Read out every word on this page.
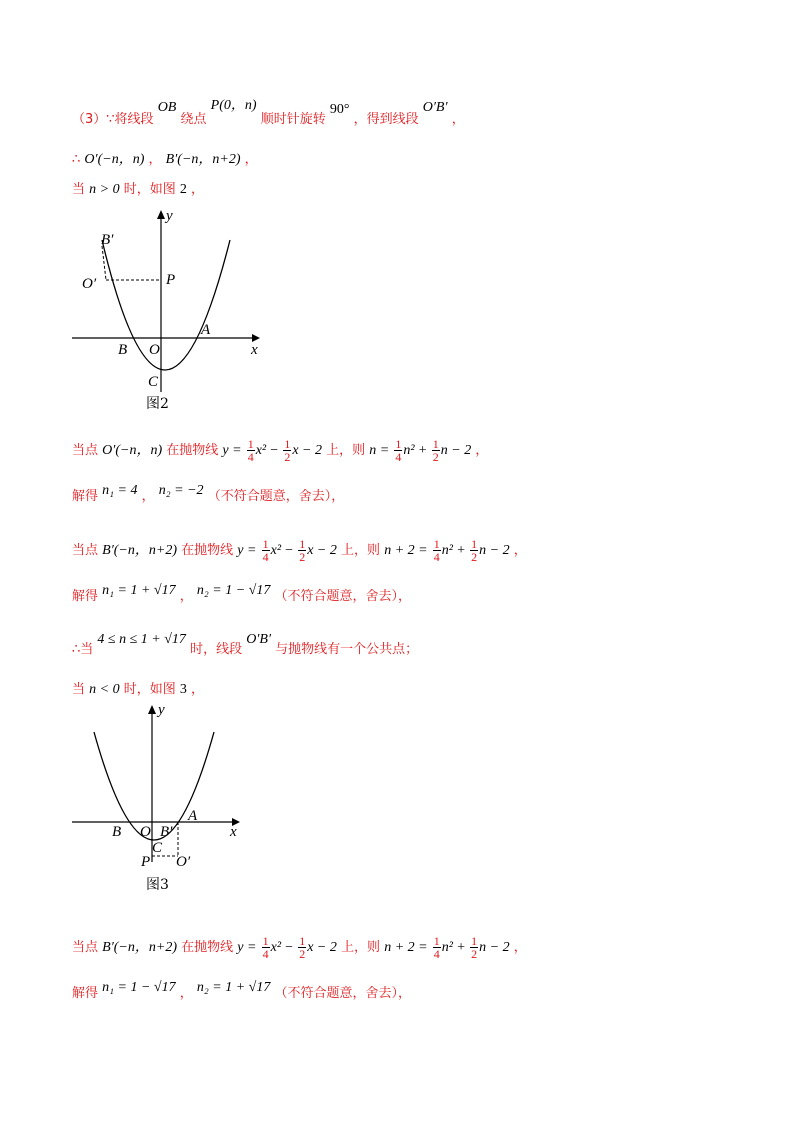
（3）∵将线段 OB 绕点 P(0，n) 顺时针旋转 90° ，得到线段 O′B′ ，
∴ O′(−n，n) ， B′(−n，n+2) ，
当 n > 0 时，如图 2 ，
y
x
B′
O′	P
A
B O
C
图2
当点 O′(−n，n) 在抛物线 $y = \frac{1}{4} x^2 - \frac{1}{2}$ x − 2 上，则 $n = \frac{1}{4} n^2 + \frac{1}{2}$ n − 2 ，
解得 n₁ = 4 ， n₂ = −2 （不符合题意，舍去），
当点 B′(−n，n+2) 在抛物线 $y = \frac{1}{4} x^2 - \frac{1}{2}$ x − 2 上，则 $n + 2 = \frac{1}{4} n^2 + \frac{1}{2}$ n − 2 ，
解得 n₁ = 1 + √17 ， n₂ = 1 − √17 （不符合题意，舍去），
∴当 4 ≤ n ≤ 1 + √17 时，线段 O′B′ 与抛物线有一个公共点；
当 n < 0 时，如图 3 ，
y
x
A
B O B′
C
P O′
图3
当点 B′(−n，n+2) 在抛物线 $y = \frac{1}{4} x^2 - \frac{1}{2}$ x − 2 上，则 $n + 2 = \frac{1}{4} n^2 + \frac{1}{2}$ n − 2 ，
解得 n₁ = 1 − √17 ， n₂ = 1 + √17 （不符合题意，舍去），
